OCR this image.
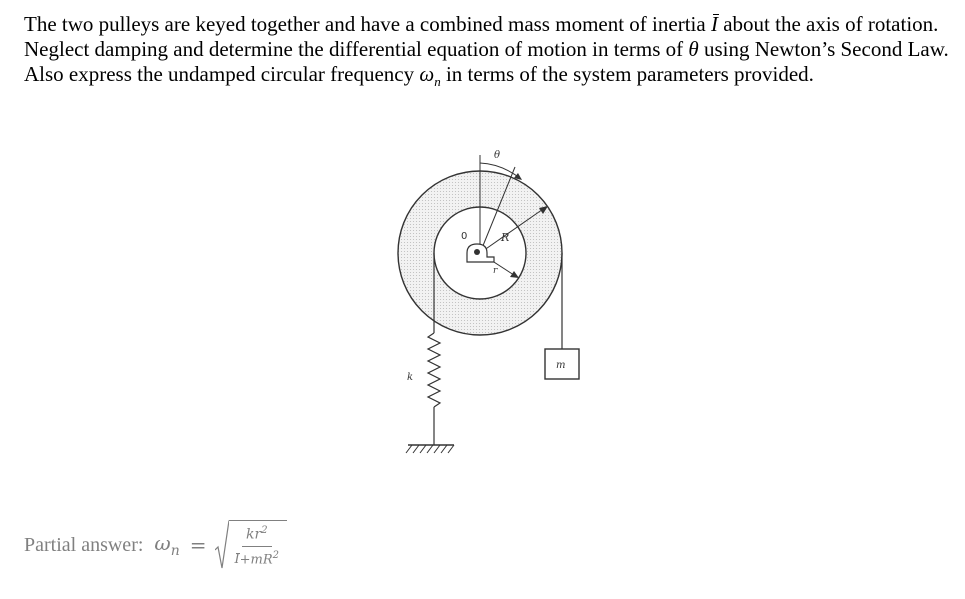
The two pulleys are keyed together and have a combined mass moment of inertia I about the axis of rotation. Neglect damping and determine the differential equation of motion in terms of θ using Newton’s Second Law. Also express the undamped circular frequency $\omega_n$ in terms of the system parameters provided.

θ
0	R
r
k
m
Partial answer: $\omega_n = \frac{kr^2}{I+mR^2}$
